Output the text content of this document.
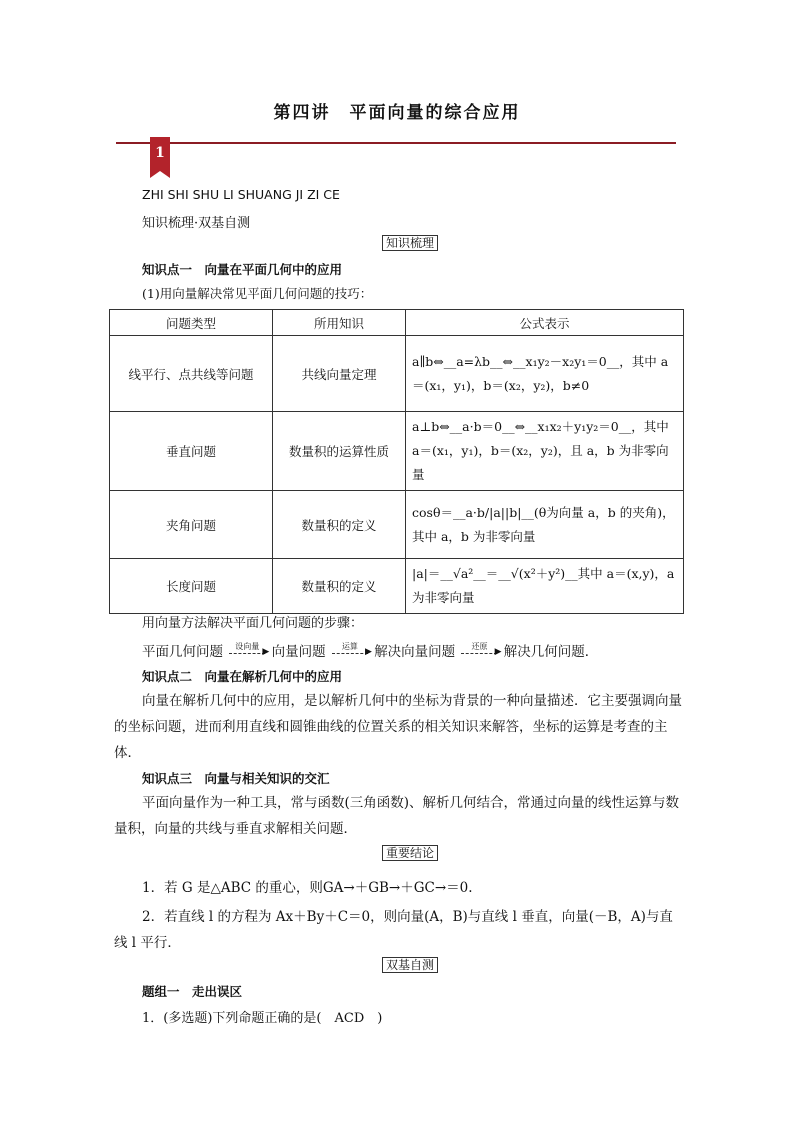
第四讲　平面向量的综合应用
1
ZHI SHI SHU LI SHUANG JI ZI CE
知识梳理·双基自测
知识梳理
知识点一　向量在平面几何中的应用
(1)用向量解决常见平面几何问题的技巧：
问题类型	所用知识	公式表示
线平行、点共线等问题	共线向量定理	a∥b⇔__a=λb__⇔__x₁y₂－x₂y₁＝0__，其中 a＝(x₁，y₁)，b＝(x₂，y₂)，b≠0
垂直问题	数量积的运算性质	a⊥b⇔__a·b＝0__⇔__x₁x₂＋y₁y₂＝0__，其中 a＝(x₁，y₁)，b＝(x₂，y₂)，且 a，b 为非零向量
夹角问题	数量积的定义	cosθ＝__a·b/|a||b|__(θ为向量 a，b 的夹角)，其中 a，b 为非零向量
长度问题	数量积的定义	|a|＝__√a²__＝__√(x²＋y²)__其中 a＝(x,y)，a为非零向量
用向量方法解决平面几何问题的步骤：
平面几何问题	设向量
▶ 向量问题	运算
▶ 解决向量问题	还原
▶ 解决几何问题．
知识点二　向量在解析几何中的应用

向量在解析几何中的应用，是以解析几何中的坐标为背景的一种向量描述．它主要强调向量的坐标问题，进而利用直线和圆锥曲线的位置关系的相关知识来解答，坐标的运算是考查的主体．

知识点三　向量与相关知识的交汇

平面向量作为一种工具，常与函数(三角函数)、解析几何结合，常通过向量的线性运算与数量积，向量的共线与垂直求解相关问题．

重要结论
1．若 G 是△ABC 的重心，则GA→＋GB→＋GC→＝0.

2．若直线 l 的方程为 Ax＋By＋C＝0，则向量(A，B)与直线 l 垂直，向量(－B，A)与直线 l 平行．

双基自测
题组一　走出误区
1．(多选题)下列命题正确的是(　ACD　)
